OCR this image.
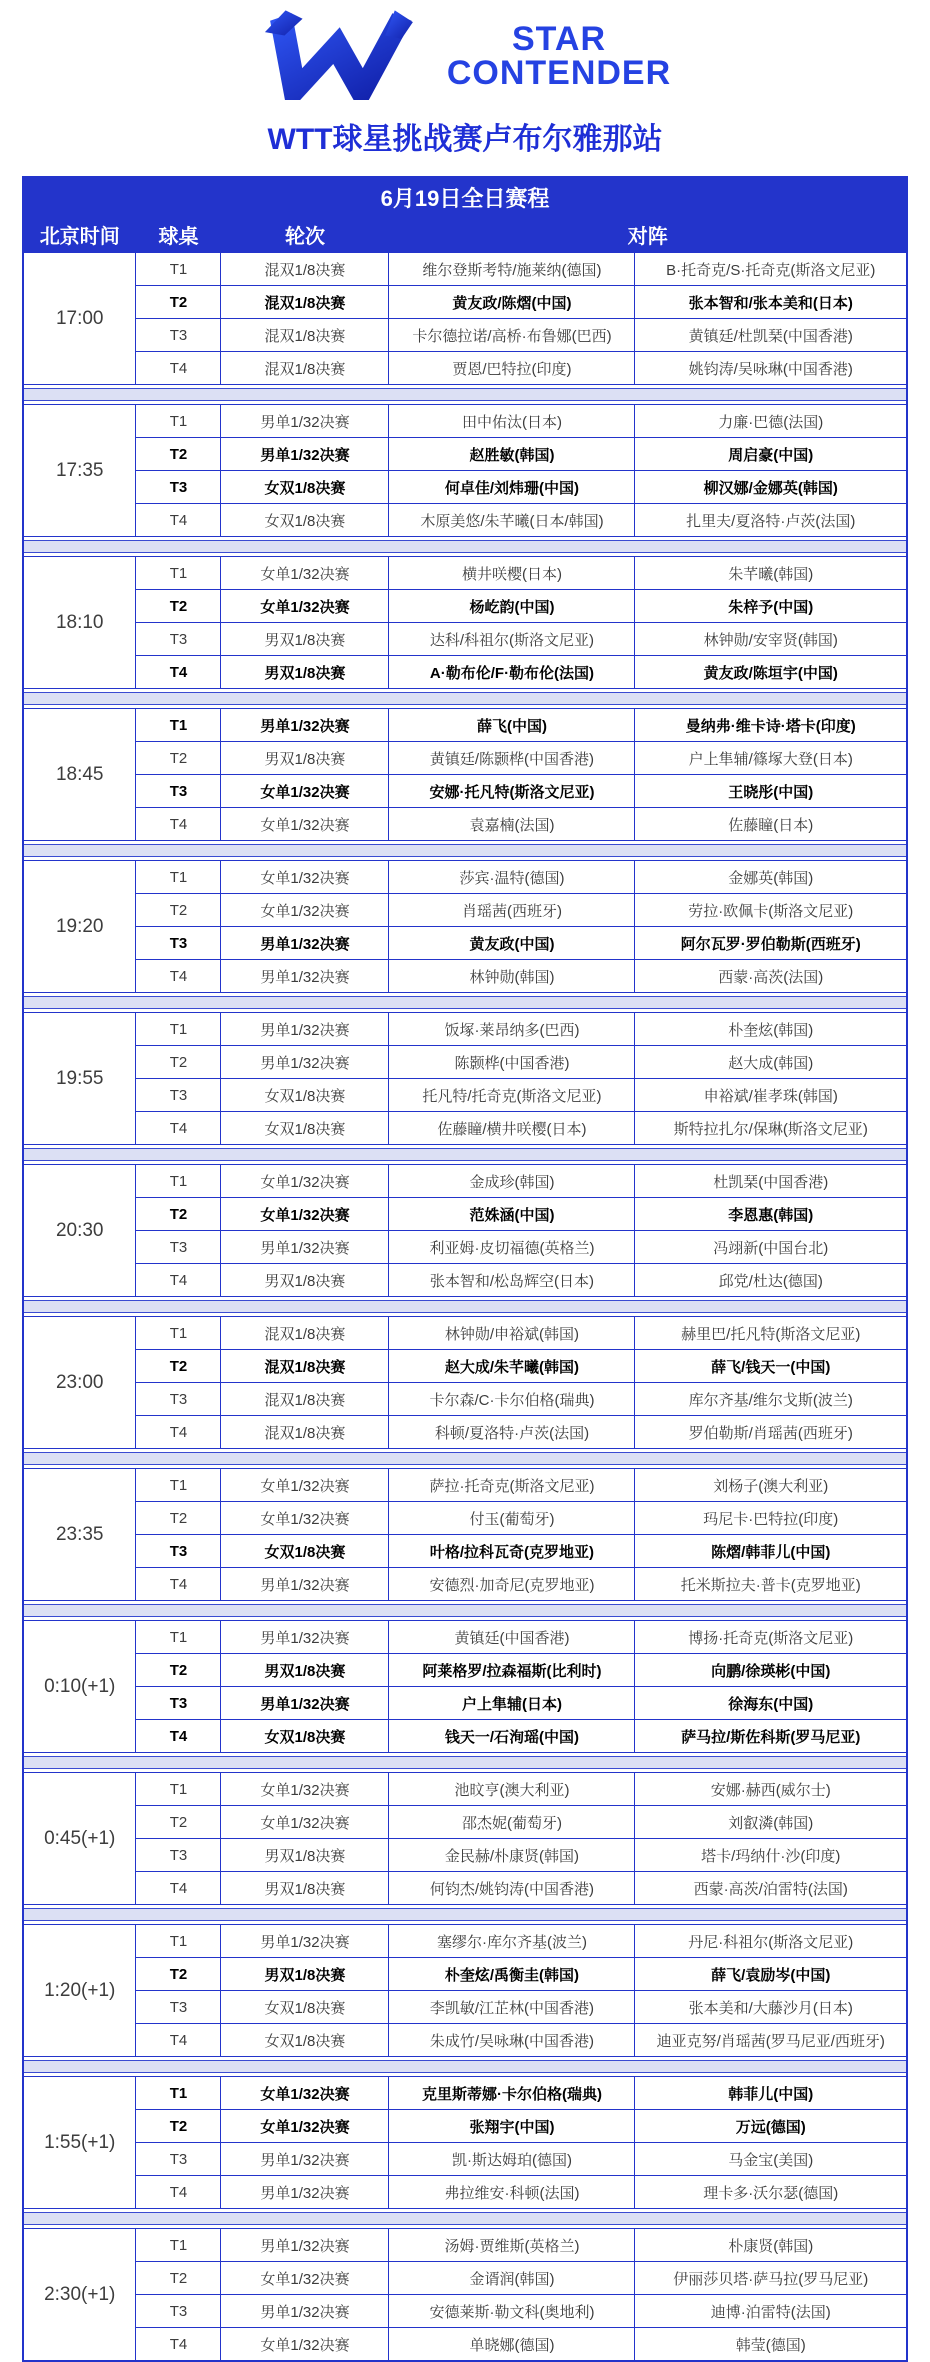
STAR
CONTENDER
WTT球星挑战赛卢布尔雅那站
6月19日全日赛程				
北京时间	球桌	轮次	对阵	
17:00	T1	混双1/8决赛	维尔登斯考特/施莱纳(德国)	B·托奇克/S·托奇克(斯洛文尼亚)
	T2	混双1/8决赛	黄友政/陈熠(中国)	张本智和/张本美和(日本)
	T3	混双1/8决赛	卡尔德拉诺/高桥·布鲁娜(巴西)	黄镇廷/杜凯琹(中国香港)
	T4	混双1/8决赛	贾恩/巴特拉(印度)	姚钧涛/吴咏琳(中国香港)

17:35	T1	男单1/32决赛	田中佑汰(日本)	力廉·巴德(法国)
	T2	男单1/32决赛	赵胜敏(韩国)	周启豪(中国)
	T3	女双1/8决赛	何卓佳/刘炜珊(中国)	柳汉娜/金娜英(韩国)
	T4	女双1/8决赛	木原美悠/朱芊曦(日本/韩国)	扎里夫/夏洛特·卢茨(法国)

18:10	T1	女单1/32决赛	横井咲樱(日本)	朱芊曦(韩国)
	T2	女单1/32决赛	杨屹韵(中国)	朱梓予(中国)
	T3	男双1/8决赛	达科/科祖尔(斯洛文尼亚)	林钟勋/安宰贤(韩国)
	T4	男双1/8决赛	A·勒布伦/F·勒布伦(法国)	黄友政/陈垣宇(中国)

18:45	T1	男单1/32决赛	薛飞(中国)	曼纳弗·维卡诗·塔卡(印度)
	T2	男双1/8决赛	黄镇廷/陈颢桦(中国香港)	户上隼辅/篠塚大登(日本)
	T3	女单1/32决赛	安娜·托凡特(斯洛文尼亚)	王晓彤(中国)
	T4	女单1/32决赛	袁嘉楠(法国)	佐藤瞳(日本)

19:20	T1	女单1/32决赛	莎宾·温特(德国)	金娜英(韩国)
	T2	女单1/32决赛	肖瑶茜(西班牙)	劳拉·欧佩卡(斯洛文尼亚)
	T3	男单1/32决赛	黄友政(中国)	阿尔瓦罗·罗伯勒斯(西班牙)
	T4	男单1/32决赛	林钟勋(韩国)	西蒙·高茨(法国)

19:55	T1	男单1/32决赛	饭塚·莱昂纳多(巴西)	朴奎炫(韩国)
	T2	男单1/32决赛	陈颢桦(中国香港)	赵大成(韩国)
	T3	女双1/8决赛	托凡特/托奇克(斯洛文尼亚)	申裕斌/崔孝珠(韩国)
	T4	女双1/8决赛	佐藤瞳/横井咲樱(日本)	斯特拉扎尔/保琳(斯洛文尼亚)

20:30	T1	女单1/32决赛	金成珍(韩国)	杜凯琹(中国香港)
	T2	女单1/32决赛	范姝涵(中国)	李恩惠(韩国)
	T3	男单1/32决赛	利亚姆·皮切福德(英格兰)	冯翊新(中国台北)
	T4	男双1/8决赛	张本智和/松岛辉空(日本)	邱党/杜达(德国)

23:00	T1	混双1/8决赛	林钟勋/申裕斌(韩国)	赫里巴/托凡特(斯洛文尼亚)
	T2	混双1/8决赛	赵大成/朱芊曦(韩国)	薛飞/钱天一(中国)
	T3	混双1/8决赛	卡尔森/C·卡尔伯格(瑞典)	库尔齐基/维尔戈斯(波兰)
	T4	混双1/8决赛	科顿/夏洛特·卢茨(法国)	罗伯勒斯/肖瑶茜(西班牙)

23:35	T1	女单1/32决赛	萨拉·托奇克(斯洛文尼亚)	刘杨子(澳大利亚)
	T2	女单1/32决赛	付玉(葡萄牙)	玛尼卡·巴特拉(印度)
	T3	女双1/8决赛	叶格/拉科瓦奇(克罗地亚)	陈熠/韩菲儿(中国)
	T4	男单1/32决赛	安德烈·加奇尼(克罗地亚)	托米斯拉夫·普卡(克罗地亚)

0:10(+1)	T1	男单1/32决赛	黄镇廷(中国香港)	博扬·托奇克(斯洛文尼亚)
	T2	男双1/8决赛	阿莱格罗/拉森福斯(比利时)	向鹏/徐瑛彬(中国)
	T3	男单1/32决赛	户上隼辅(日本)	徐海东(中国)
	T4	女双1/8决赛	钱天一/石洵瑶(中国)	萨马拉/斯佐科斯(罗马尼亚)

0:45(+1)	T1	女单1/32决赛	池旼亨(澳大利亚)	安娜·赫西(威尔士)
	T2	女单1/32决赛	邵杰妮(葡萄牙)	刘叡潾(韩国)
	T3	男双1/8决赛	金民赫/朴康贤(韩国)	塔卡/玛纳什·沙(印度)
	T4	男双1/8决赛	何钧杰/姚钧涛(中国香港)	西蒙·高茨/泊雷特(法国)

1:20(+1)	T1	男单1/32决赛	塞缪尔·库尔齐基(波兰)	丹尼·科祖尔(斯洛文尼亚)
	T2	男双1/8决赛	朴奎炫/禹衡圭(韩国)	薛飞/袁励岑(中国)
	T3	女双1/8决赛	李凯敏/江芷林(中国香港)	张本美和/大藤沙月(日本)
	T4	女双1/8决赛	朱成竹/吴咏琳(中国香港)	迪亚克努/肖瑶茜(罗马尼亚/西班牙)

1:55(+1)	T1	女单1/32决赛	克里斯蒂娜·卡尔伯格(瑞典)	韩菲儿(中国)
	T2	女单1/32决赛	张翔宇(中国)	万远(德国)
	T3	男单1/32决赛	凯·斯达姆珀(德国)	马金宝(美国)
	T4	男单1/32决赛	弗拉维安·科顿(法国)	理卡多·沃尔瑟(德国)

2:30(+1)	T1	男单1/32决赛	汤姆·贾维斯(英格兰)	朴康贤(韩国)
	T2	女单1/32决赛	金谞润(韩国)	伊丽莎贝塔·萨马拉(罗马尼亚)
	T3	男单1/32决赛	安德莱斯·勒文科(奥地利)	迪博·泊雷特(法国)
	T4	女单1/32决赛	单晓娜(德国)	韩莹(德国)
